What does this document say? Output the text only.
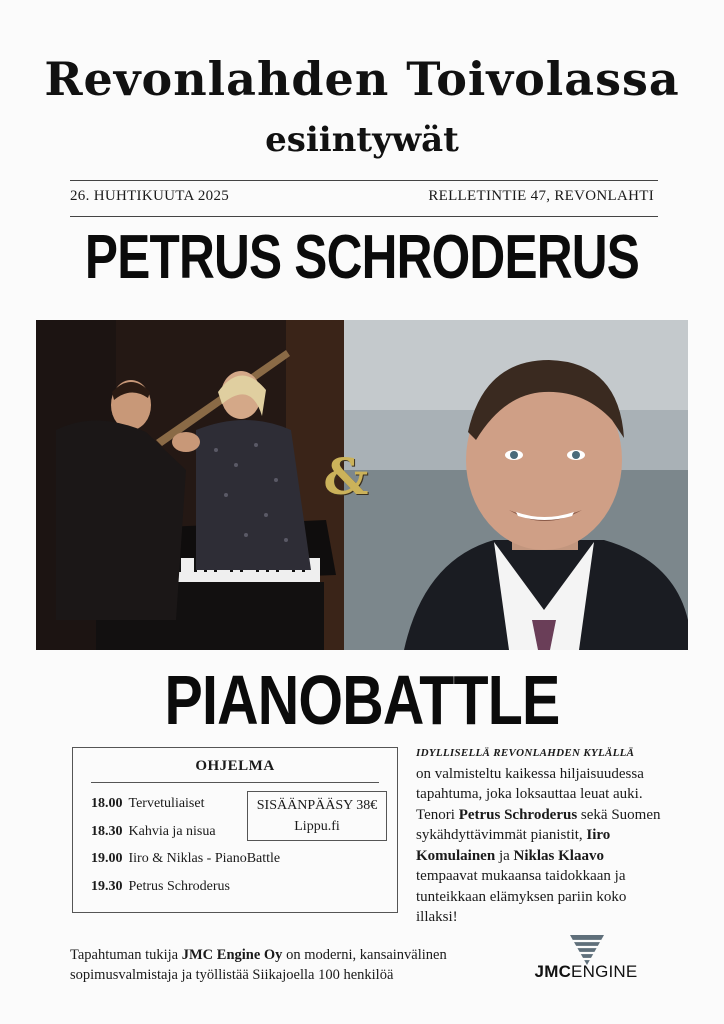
Revonlahden Toivolassa
esiintywät
26. HUHTIKUUTA 2025	RELLETINTIE 47, REVONLAHTI
PETRUS SCHRODERUS
&
PIANOBATTLE
OHJELMA
18.00 Tervetuliaiset
18.30 Kahvia ja nisua
19.00 Iiro & Niklas - PianoBattle
19.30 Petrus Schroderus
SISÄÄNPÄÄSY 38€
Lippu.fi
IDYLLISELLÄ REVONLAHDEN KYLÄLLÄ
on valmisteltu kaikessa hiljaisuudessa tapahtuma, joka loksauttaa leuat auki. Tenori Petrus Schroderus sekä Suomen sykähdyttävimmät pianistit, Iiro Komulainen ja Niklas Klaavo tempaavat mukaansa taidokkaan ja tunteikkaan elämyksen pariin koko illaksi!
Tapahtuman tukija JMC Engine Oy on moderni, kansainvälinen sopimusvalmistaja ja työllistää Siikajoella 100 henkilöä	JMCENGINE
